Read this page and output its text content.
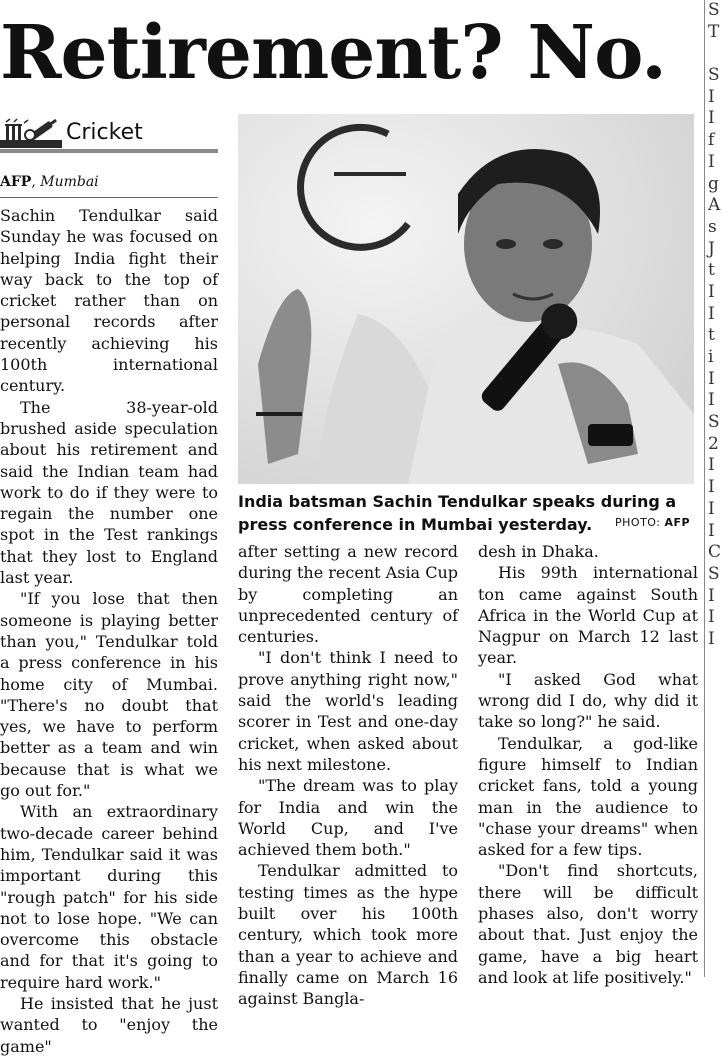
Retirement? No.	S
T
S
I
I
f
I
g
A
s
J
t
I
I
t
i
I
I
S
2
I
I
I
I
C
S
I
I
I
Cricket
AFP, Mumbai

Sachin Tendulkar said Sunday he was focused on helping India fight their way back to the top of cricket rather than on personal records after recently achieving his 100th international century.

The 38-year-old brushed aside speculation about his retirement and said the Indian team had work to do if they were to regain the number one spot in the Test rankings that they lost to England last year.

"If you lose that then someone is playing better than you," Tendulkar told a press conference in his home city of Mumbai. "There's no doubt that yes, we have to perform better as a team and win because that is what we go out for."

With an extraordinary two-decade career behind him, Tendulkar said it was important during this "rough patch" for his side not to lose hope. "We can overcome this obstacle and for that it's going to require hard work."

He insisted that he just wanted to "enjoy the game"

India batsman Sachin Tendulkar speaks during a press conference in Mumbai yesterday.	PHOTO: AFP

after setting a new record during the recent Asia Cup by completing an unprecedented century of centuries.

"I don't think I need to prove anything right now," said the world's leading scorer in Test and one-day cricket, when asked about his next milestone.

"The dream was to play for India and win the World Cup, and I've achieved them both."

Tendulkar admitted to testing times as the hype built over his 100th century, which took more than a year to achieve and finally came on March 16 against Bangla-

desh in Dhaka.

His 99th international ton came against South Africa in the World Cup at Nagpur on March 12 last year.

"I asked God what wrong did I do, why did it take so long?" he said.

Tendulkar, a god-like figure himself to Indian cricket fans, told a young man in the audience to "chase your dreams" when asked for a few tips.

"Don't find shortcuts, there will be difficult phases also, don't worry about that. Just enjoy the game, have a big heart and look at life positively."
